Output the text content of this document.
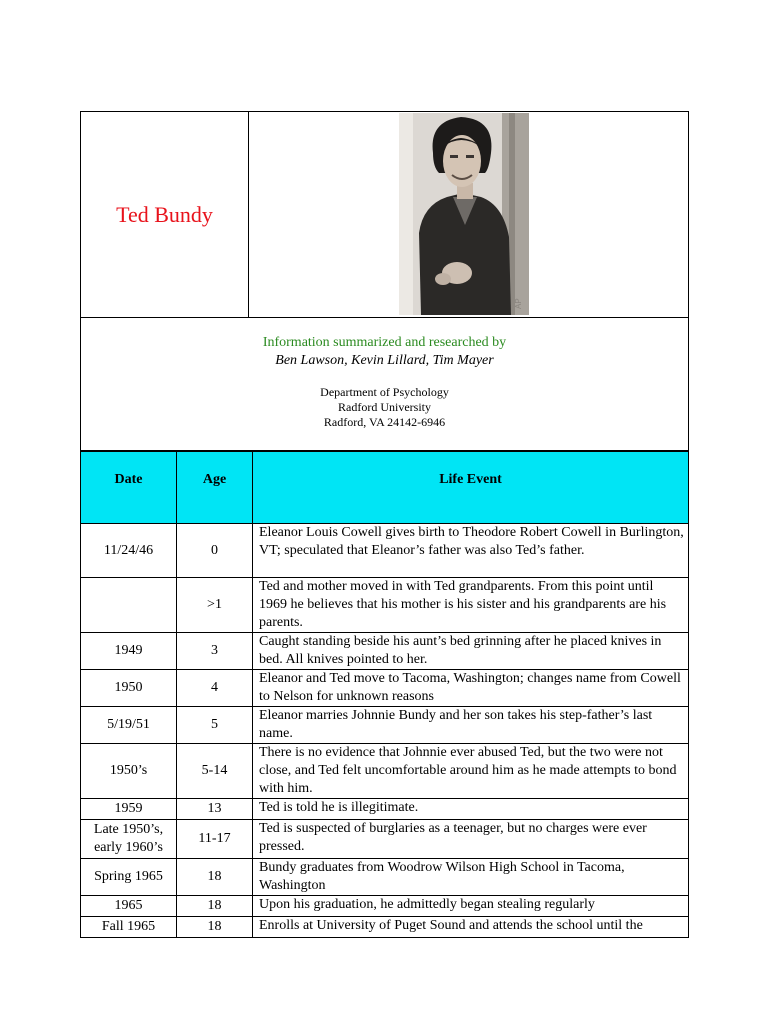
Ted Bundy	
AP

Information summarized and researched by
Ben Lawson, Kevin Lillard, Tim Mayer
Department of Psychology
Radford University
Radford, VA 24142-6946
Date	Age	Life Event
11/24/46	0	Eleanor Louis Cowell gives birth to Theodore Robert Cowell in Burlington, VT; speculated that Eleanor’s father was also Ted’s father.
	>1	Ted and mother moved in with Ted grandparents. From this point until 1969 he believes that his mother is his sister and his grandparents are his parents.
1949	3	Caught standing beside his aunt’s bed grinning after he placed knives in bed. All knives pointed to her.
1950	4	Eleanor and Ted move to Tacoma, Washington; changes name from Cowell to Nelson for unknown reasons
5/19/51	5	Eleanor marries Johnnie Bundy and her son takes his step-father’s last name.
1950’s	5-14	There is no evidence that Johnnie ever abused Ted, but the two were not close, and Ted felt uncomfortable around him as he made attempts to bond with him.
1959	13	Ted is told he is illegitimate.
Late 1950’s, early 1960’s	11-17	Ted is suspected of burglaries as a teenager, but no charges were ever pressed.
Spring 1965	18	Bundy graduates from Woodrow Wilson High School in Tacoma, Washington
1965	18	Upon his graduation, he admittedly began stealing regularly
Fall 1965	18	Enrolls at University of Puget Sound and attends the school until the
